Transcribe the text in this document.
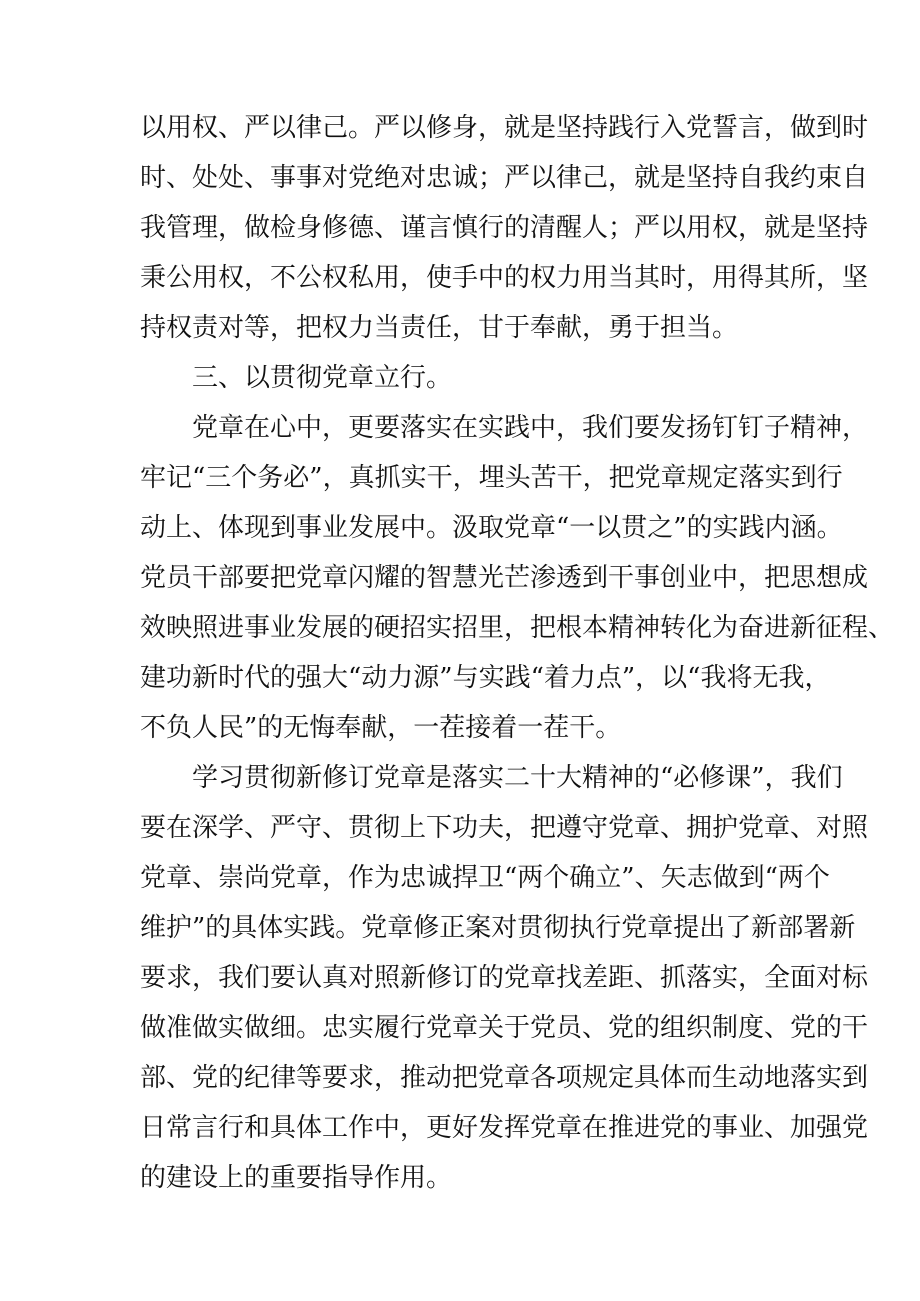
以用权、严以律己。严以修身，就是坚持践行入党誓言，做到时
时、处处、事事对党绝对忠诚；严以律己，就是坚持自我约束自
我管理，做检身修德、谨言慎行的清醒人；严以用权，就是坚持
秉公用权，不公权私用，使手中的权力用当其时，用得其所，坚
持权责对等，把权力当责任，甘于奉献，勇于担当。
三、以贯彻党章立行。
党章在心中，更要落实在实践中，我们要发扬钉钉子精神，
牢记“三个务必”，真抓实干，埋头苦干，把党章规定落实到行
动上、体现到事业发展中。汲取党章“一以贯之”的实践内涵。
党员干部要把党章闪耀的智慧光芒渗透到干事创业中，把思想成
效映照进事业发展的硬招实招里，把根本精神转化为奋进新征程、
建功新时代的强大“动力源”与实践“着力点”，以“我将无我，
不负人民”的无悔奉献，一茬接着一茬干。
学习贯彻新修订党章是落实二十大精神的“必修课”，我们
要在深学、严守、贯彻上下功夫，把遵守党章、拥护党章、对照
党章、崇尚党章，作为忠诚捍卫“两个确立”、矢志做到“两个
维护”的具体实践。党章修正案对贯彻执行党章提出了新部署新
要求，我们要认真对照新修订的党章找差距、抓落实，全面对标
做准做实做细。忠实履行党章关于党员、党的组织制度、党的干
部、党的纪律等要求，推动把党章各项规定具体而生动地落实到
日常言行和具体工作中，更好发挥党章在推进党的事业、加强党
的建设上的重要指导作用。
